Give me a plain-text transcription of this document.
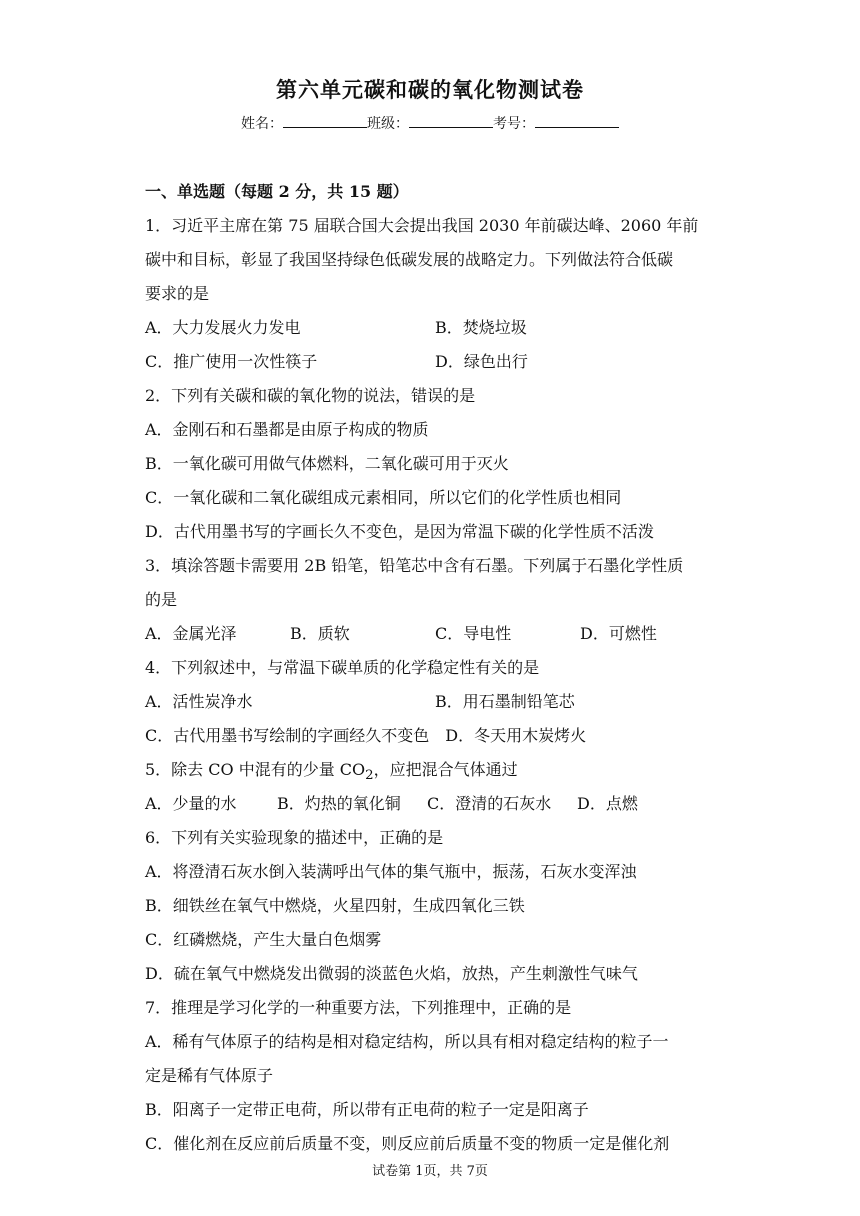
第六单元碳和碳的氧化物测试卷
姓名：	班级：	考号：
一、单选题（每题 2 分，共 15 题）
1．习近平主席在第 75 届联合国大会提出我国 2030 年前碳达峰、2060 年前
碳中和目标，彰显了我国坚持绿色低碳发展的战略定力。下列做法符合低碳
要求的是
A．大力发展火力发电	B．焚烧垃圾
C．推广使用一次性筷子	D．绿色出行
2．下列有关碳和碳的氧化物的说法，错误的是
A．金刚石和石墨都是由原子构成的物质
B．一氧化碳可用做气体燃料，二氧化碳可用于灭火
C．一氧化碳和二氧化碳组成元素相同，所以它们的化学性质也相同
D．古代用墨书写的字画长久不变色，是因为常温下碳的化学性质不活泼
3．填涂答题卡需要用 2B 铅笔，铅笔芯中含有石墨。下列属于石墨化学性质
的是
A．金属光泽	B．质软	C．导电性	D．可燃性
4．下列叙述中，与常温下碳单质的化学稳定性有关的是
A．活性炭净水	B．用石墨制铅笔芯
C．古代用墨书写绘制的字画经久不变色 D．冬天用木炭烤火
5．除去 CO 中混有的少量 $CO_2$，应把混合气体通过
A．少量的水	B．灼热的氧化铜	C．澄清的石灰水	D．点燃
6．下列有关实验现象的描述中，正确的是
A．将澄清石灰水倒入装满呼出气体的集气瓶中，振荡，石灰水变浑浊
B．细铁丝在氧气中燃烧，火星四射，生成四氧化三铁
C．红磷燃烧，产生大量白色烟雾
D．硫在氧气中燃烧发出微弱的淡蓝色火焰，放热，产生刺激性气味气
7．推理是学习化学的一种重要方法，下列推理中，正确的是
A．稀有气体原子的结构是相对稳定结构，所以具有相对稳定结构的粒子一
定是稀有气体原子
B．阳离子一定带正电荷，所以带有正电荷的粒子一定是阳离子
C．催化剂在反应前后质量不变，则反应前后质量不变的物质一定是催化剂
试卷第 1页，共 7页
